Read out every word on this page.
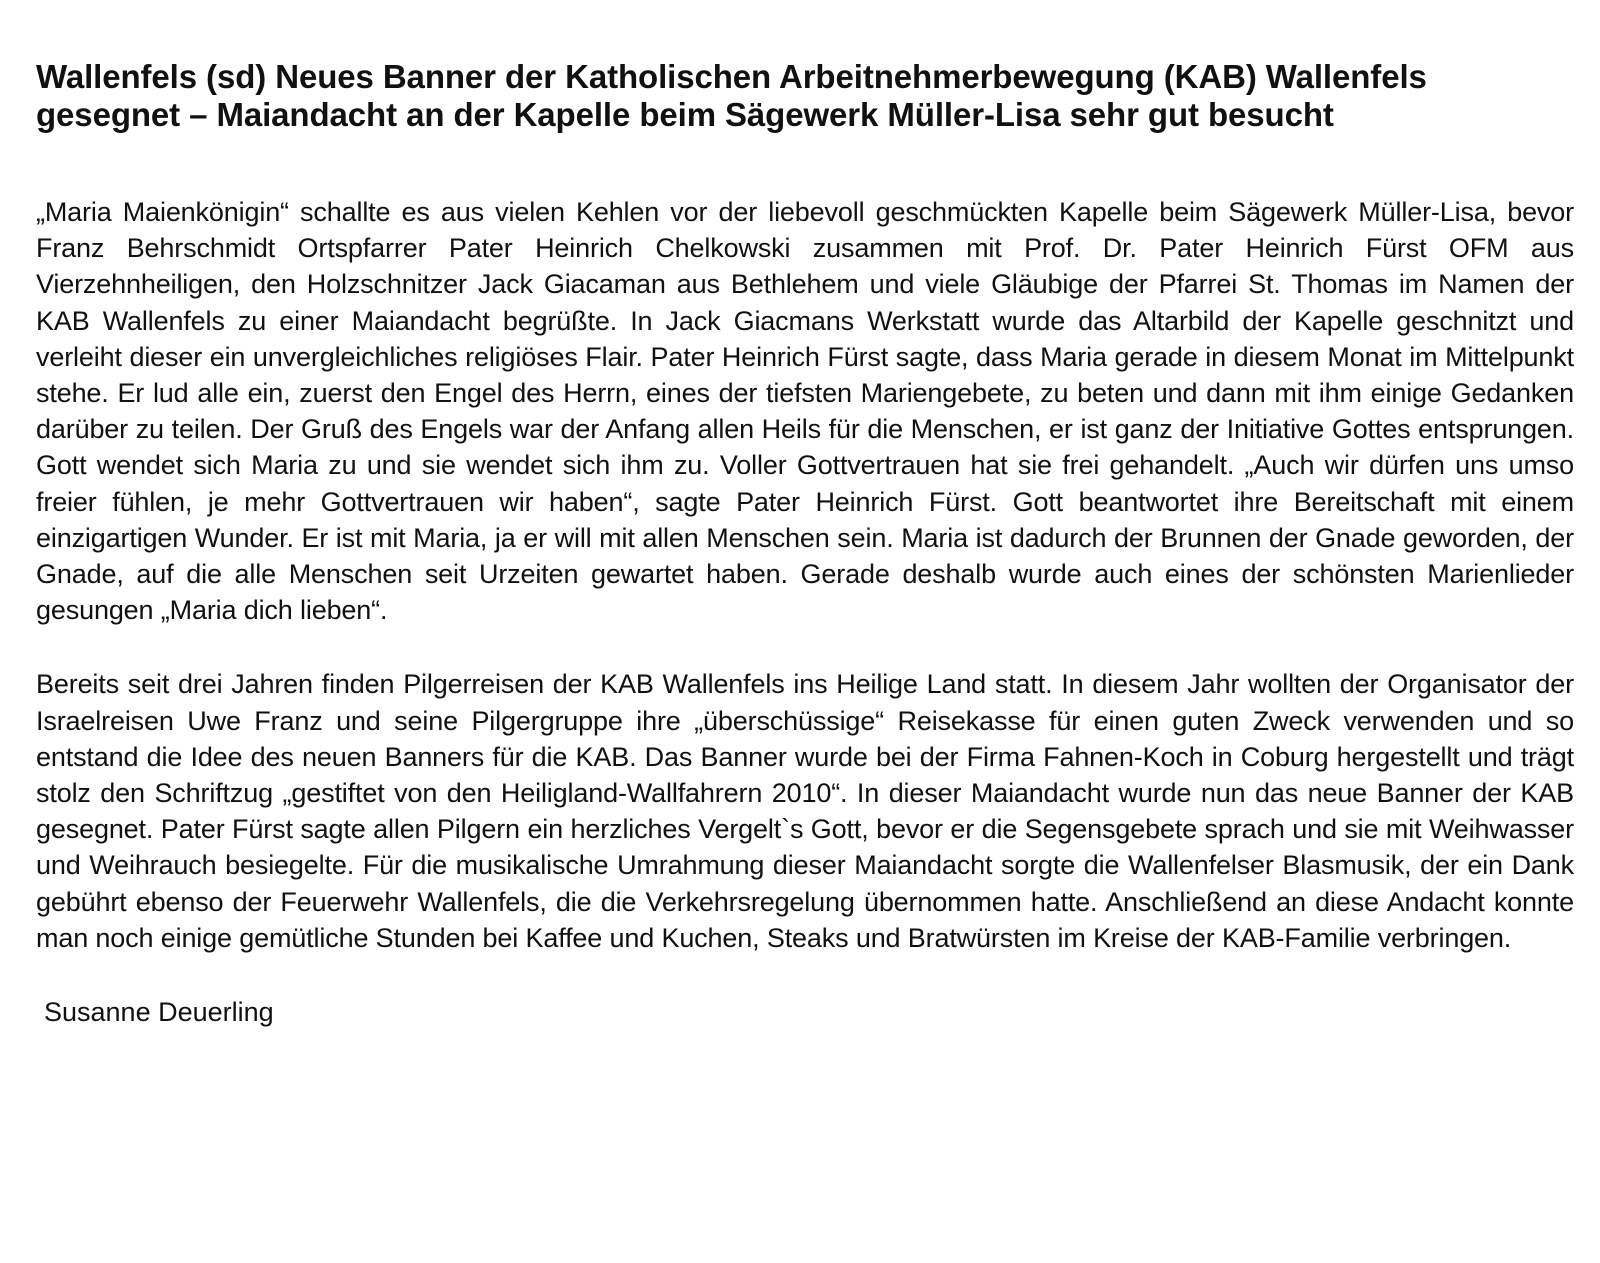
Wallenfels (sd) Neues Banner der Katholischen Arbeitnehmerbewegung (KAB) Wallenfels gesegnet – Maiandacht an der Kapelle beim Sägewerk Müller-Lisa sehr gut besucht

„Maria Maienkönigin“ schallte es aus vielen Kehlen vor der liebevoll geschmückten Kapelle beim Sägewerk Müller-Lisa, bevor Franz Behrschmidt Ortspfarrer Pater Heinrich Chelkowski zusammen mit Prof. Dr. Pater Heinrich Fürst OFM aus Vierzehnheiligen, den Holzschnitzer Jack Giacaman aus Bethlehem und viele Gläubige der Pfarrei St. Thomas im Namen der KAB Wallenfels zu einer Maiandacht begrüßte. In Jack Giacmans Werkstatt wurde das Altarbild der Kapelle geschnitzt und verleiht dieser ein unvergleichliches religiöses Flair. Pater Heinrich Fürst sagte, dass Maria gerade in diesem Monat im Mittelpunkt stehe. Er lud alle ein, zuerst den Engel des Herrn, eines der tiefsten Mariengebete, zu beten und dann mit ihm einige Gedanken darüber zu teilen. Der Gruß des Engels war der Anfang allen Heils für die Menschen, er ist ganz der Initiative Gottes entsprungen. Gott wendet sich Maria zu und sie wendet sich ihm zu. Voller Gottvertrauen hat sie frei gehandelt. „Auch wir dürfen uns umso freier fühlen, je mehr Gottvertrauen wir haben“, sagte Pater Heinrich Fürst. Gott beantwortet ihre Bereitschaft mit einem einzigartigen Wunder. Er ist mit Maria, ja er will mit allen Menschen sein. Maria ist dadurch der Brunnen der Gnade geworden, der Gnade, auf die alle Menschen seit Urzeiten gewartet haben. Gerade deshalb wurde auch eines der schönsten Marienlieder gesungen „Maria dich lieben“.

Bereits seit drei Jahren finden Pilgerreisen der KAB Wallenfels ins Heilige Land statt. In diesem Jahr wollten der Organisator der Israelreisen Uwe Franz und seine Pilgergruppe ihre „überschüssige“ Reisekasse für einen guten Zweck verwenden und so entstand die Idee des neuen Banners für die KAB. Das Banner wurde bei der Firma Fahnen-Koch in Coburg hergestellt und trägt stolz den Schriftzug „gestiftet von den Heiligland-Wallfahrern 2010“. In dieser Maiandacht wurde nun das neue Banner der KAB gesegnet. Pater Fürst sagte allen Pilgern ein herzliches Vergelt`s Gott, bevor er die Segensgebete sprach und sie mit Weihwasser und Weihrauch besiegelte. Für die musikalische Umrahmung dieser Maiandacht sorgte die Wallenfelser Blasmusik, der ein Dank gebührt ebenso der Feuerwehr Wallenfels, die die Verkehrsregelung übernommen hatte. Anschließend an diese Andacht konnte man noch einige gemütliche Stunden bei Kaffee und Kuchen, Steaks und Bratwürsten im Kreise der KAB-Familie verbringen.

Susanne Deuerling
